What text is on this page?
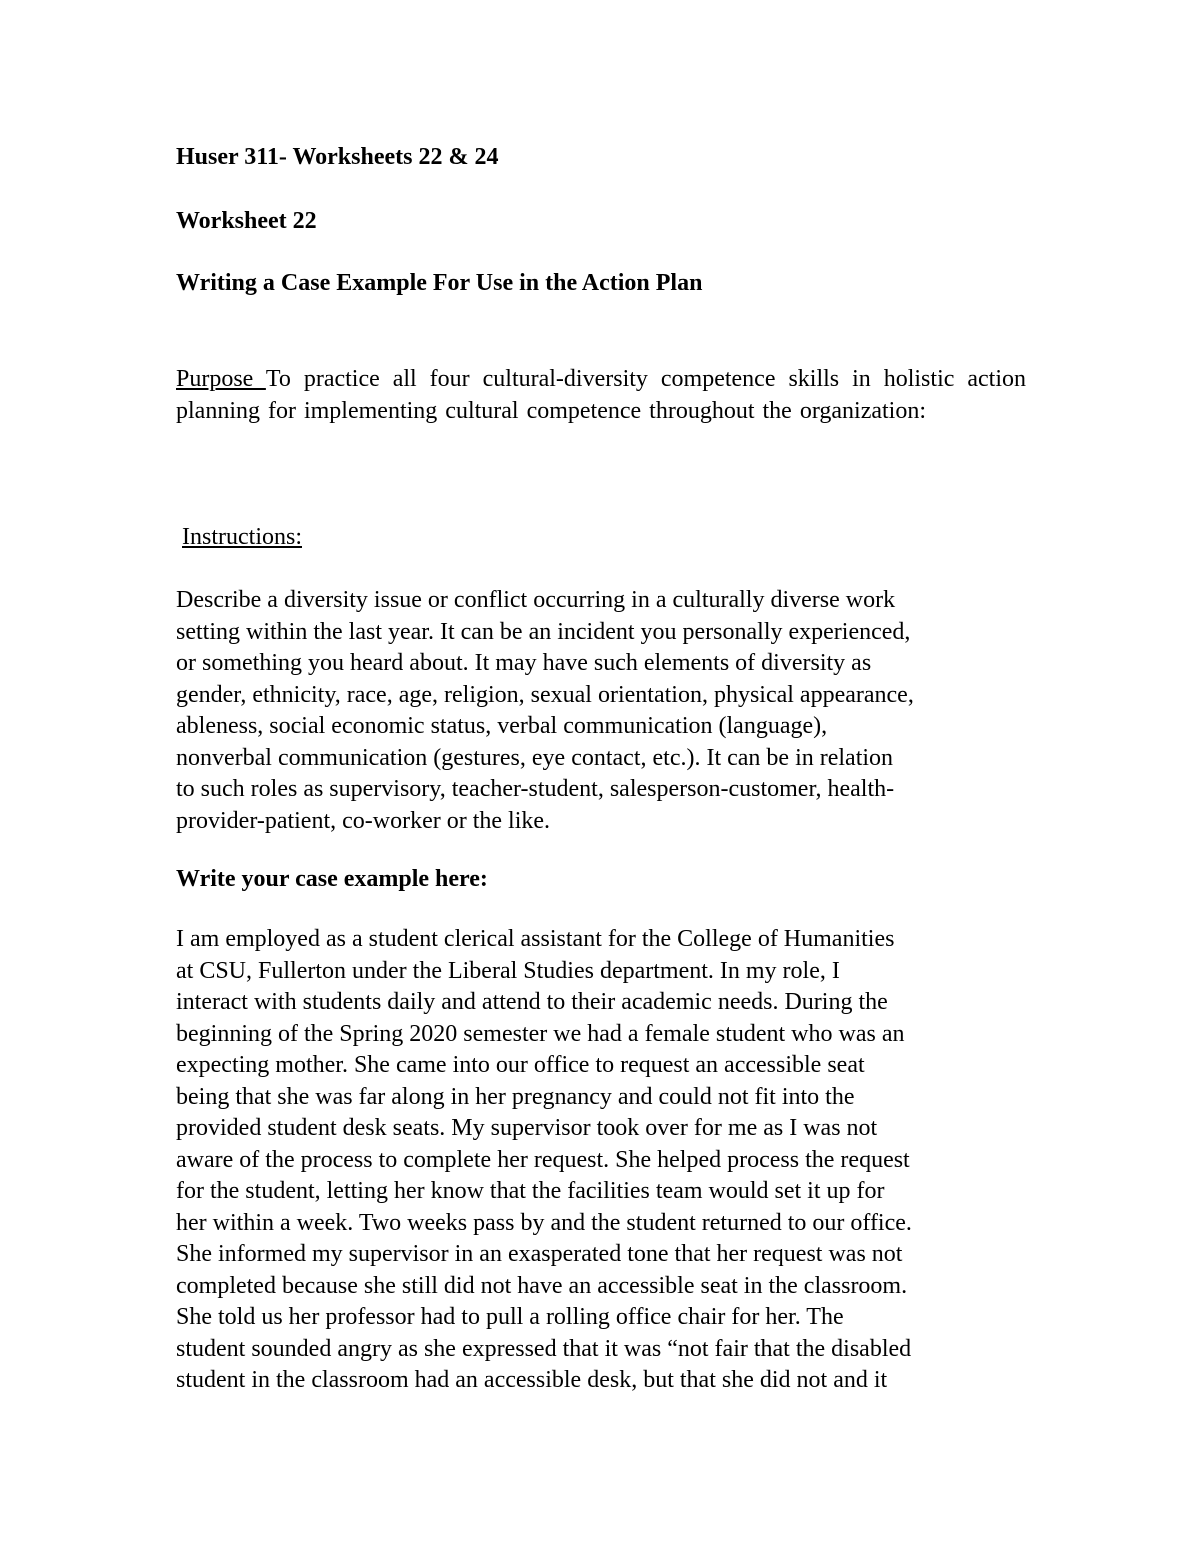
Huser 311- Worksheets 22 & 24
Worksheet 22
Writing a Case Example For Use in the Action Plan
Purpose To practice all four cultural-diversity competence skills in holistic action planning for implementing cultural competence throughout the organization:
Instructions:
Describe a diversity issue or conflict occurring in a culturally diverse work
setting within the last year. It can be an incident you personally experienced,
or something you heard about. It may have such elements of diversity as
gender, ethnicity, race, age, religion, sexual orientation, physical appearance,
ableness, social economic status, verbal communication (language),
nonverbal communication (gestures, eye contact, etc.). It can be in relation
to such roles as supervisory, teacher-student, salesperson-customer, health-
provider-patient, co-worker or the like.
Write your case example here:
I am employed as a student clerical assistant for the College of Humanities
at CSU, Fullerton under the Liberal Studies department. In my role, I
interact with students daily and attend to their academic needs. During the
beginning of the Spring 2020 semester we had a female student who was an
expecting mother. She came into our office to request an accessible seat
being that she was far along in her pregnancy and could not fit into the
provided student desk seats. My supervisor took over for me as I was not
aware of the process to complete her request. She helped process the request
for the student, letting her know that the facilities team would set it up for
her within a week. Two weeks pass by and the student returned to our office.
She informed my supervisor in an exasperated tone that her request was not
completed because she still did not have an accessible seat in the classroom.
She told us her professor had to pull a rolling office chair for her. The
student sounded angry as she expressed that it was “not fair that the disabled
student in the classroom had an accessible desk, but that she did not and it
